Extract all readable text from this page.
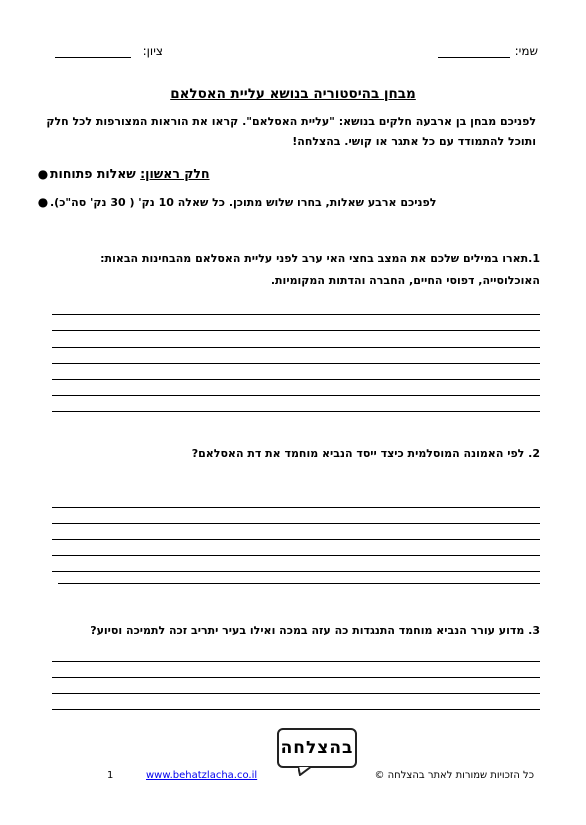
שמי:
ציון:
מבחן בהיסטוריה בנושא עליית האסלאם
לפניכם מבחן בן ארבעה חלקים בנושא: "עליית האסלאם". קראו את הוראות המצורפות לכל חלק
ותוכל להתמודד עם כל אתגר או קושי. בהצלחה!
●	חלק ראשון: שאלות פתוחות
● לפניכם ארבע שאלות, בחרו שלוש מתוכן. כל שאלה 10 נק' ( 30 נק' סה"כ).
1.תארו במילים שלכם את המצב בחצי האי ערב לפני עליית האסלאם מהבחינות הבאות:
האוכלוסייה, דפוסי החיים, החברה והדתות המקומיות.
2. לפי האמונה המוסלמית כיצד ייסד הנביא מוחמד את דת האסלאם?
3. מדוע עורר הנביא מוחמד התנגדות כה עזה במכה ואילו בעיר יתריב זכה לתמיכה וסיוע?
בהצלחה
כל הזכויות שמורות לאתר בהצלחה ©
www.behatzlacha.co.il
1
